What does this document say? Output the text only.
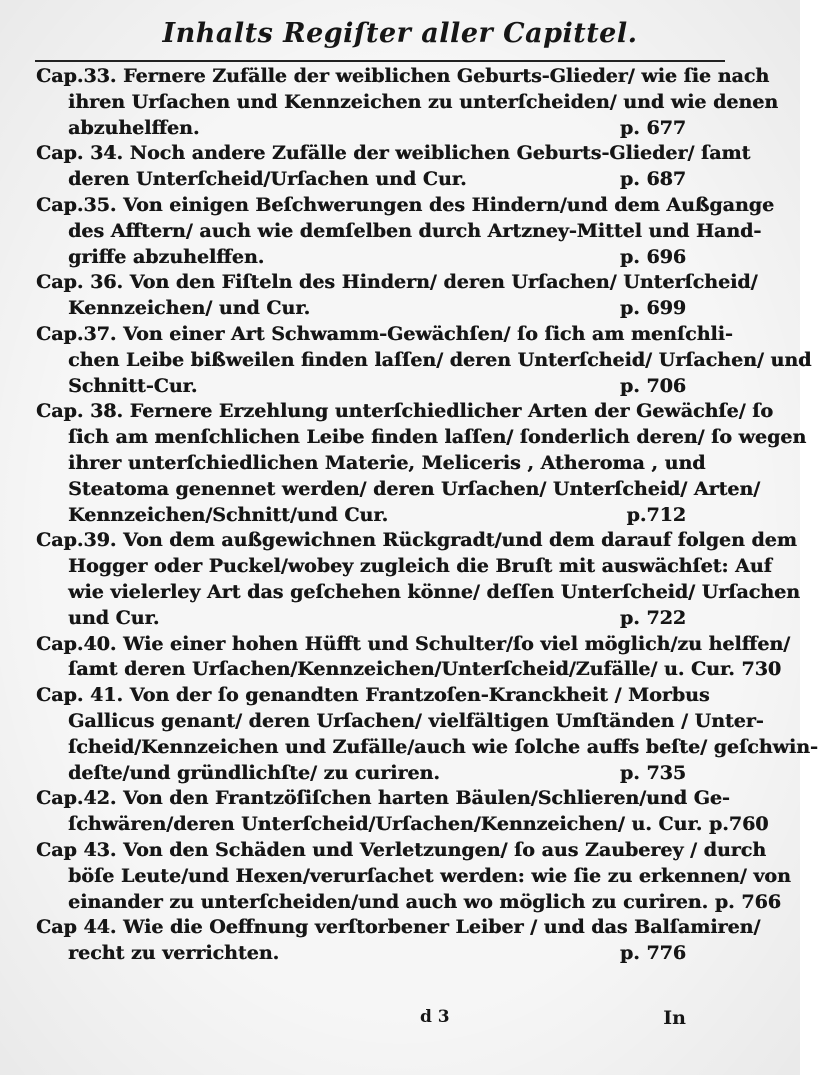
Inhalts Regiſter aller Capittel.
Cap.33. Fernere Zufälle der weiblichen Geburts-Glieder/ wie ſie nach
ihren Urſachen und Kennzeichen zu unterſcheiden/ und wie denen
abzuhelffen.	p. 677
Cap. 34. Noch andere Zufälle der weiblichen Geburts-Glieder/ ſamt
deren Unterſcheid/Urſachen und Cur.	p. 687
Cap.35. Von einigen Beſchwerungen des Hindern/und dem Außgange
des Afftern/ auch wie demſelben durch Artzney-Mittel und Hand-
griffe abzuhelffen.	p. 696
Cap. 36. Von den Fiſteln des Hindern/ deren Urſachen/ Unterſcheid/
Kennzeichen/ und Cur.	p. 699
Cap.37. Von einer Art Schwamm-Gewächſen/ ſo ſich am menſchli-
chen Leibe bißweilen finden laſſen/ deren Unterſcheid/ Urſachen/ und
Schnitt-Cur.	p. 706
Cap. 38. Fernere Erzehlung unterſchiedlicher Arten der Gewächſe/ ſo
ſich am menſchlichen Leibe finden laſſen/ ſonderlich deren/ ſo wegen
ihrer unterſchiedlichen Materie, Meliceris , Atheroma , und
Steatoma genennet werden/ deren Urſachen/ Unterſcheid/ Arten/
Kennzeichen/Schnitt/und Cur.	p.712
Cap.39. Von dem außgewichnen Rückgradt/und dem darauf folgen dem
Hogger oder Puckel/wobey zugleich die Bruſt mit auswächſet: Auf
wie vielerley Art das geſchehen könne/ deſſen Unterſcheid/ Urſachen
und Cur.	p. 722
Cap.40. Wie einer hohen Hüfft und Schulter/ſo viel möglich/zu helffen/
ſamt deren Urſachen/Kennzeichen/Unterſcheid/Zufälle/ u. Cur. 730
Cap. 41. Von der ſo genandten Frantzoſen-Kranckheit / Morbus
Gallicus genant/ deren Urſachen/ vielfältigen Umſtänden / Unter-
ſcheid/Kennzeichen und Zufälle/auch wie ſolche auffs beſte/ geſchwin-
deſte/und gründlichſte/ zu curiren.	p. 735
Cap.42. Von den Frantzöſiſchen harten Bäulen/Schlieren/und Ge-
ſchwären/deren Unterſcheid/Urſachen/Kennzeichen/ u. Cur. p.760
Cap 43. Von den Schäden und Verletzungen/ ſo aus Zauberey / durch
böſe Leute/und Hexen/verurſachet werden: wie ſie zu erkennen/ von
einander zu unterſcheiden/und auch wo möglich zu curiren. p. 766
Cap 44. Wie die Oeffnung verſtorbener Leiber / und das Balſamiren/
recht zu verrichten.	p. 776
d 3	In
